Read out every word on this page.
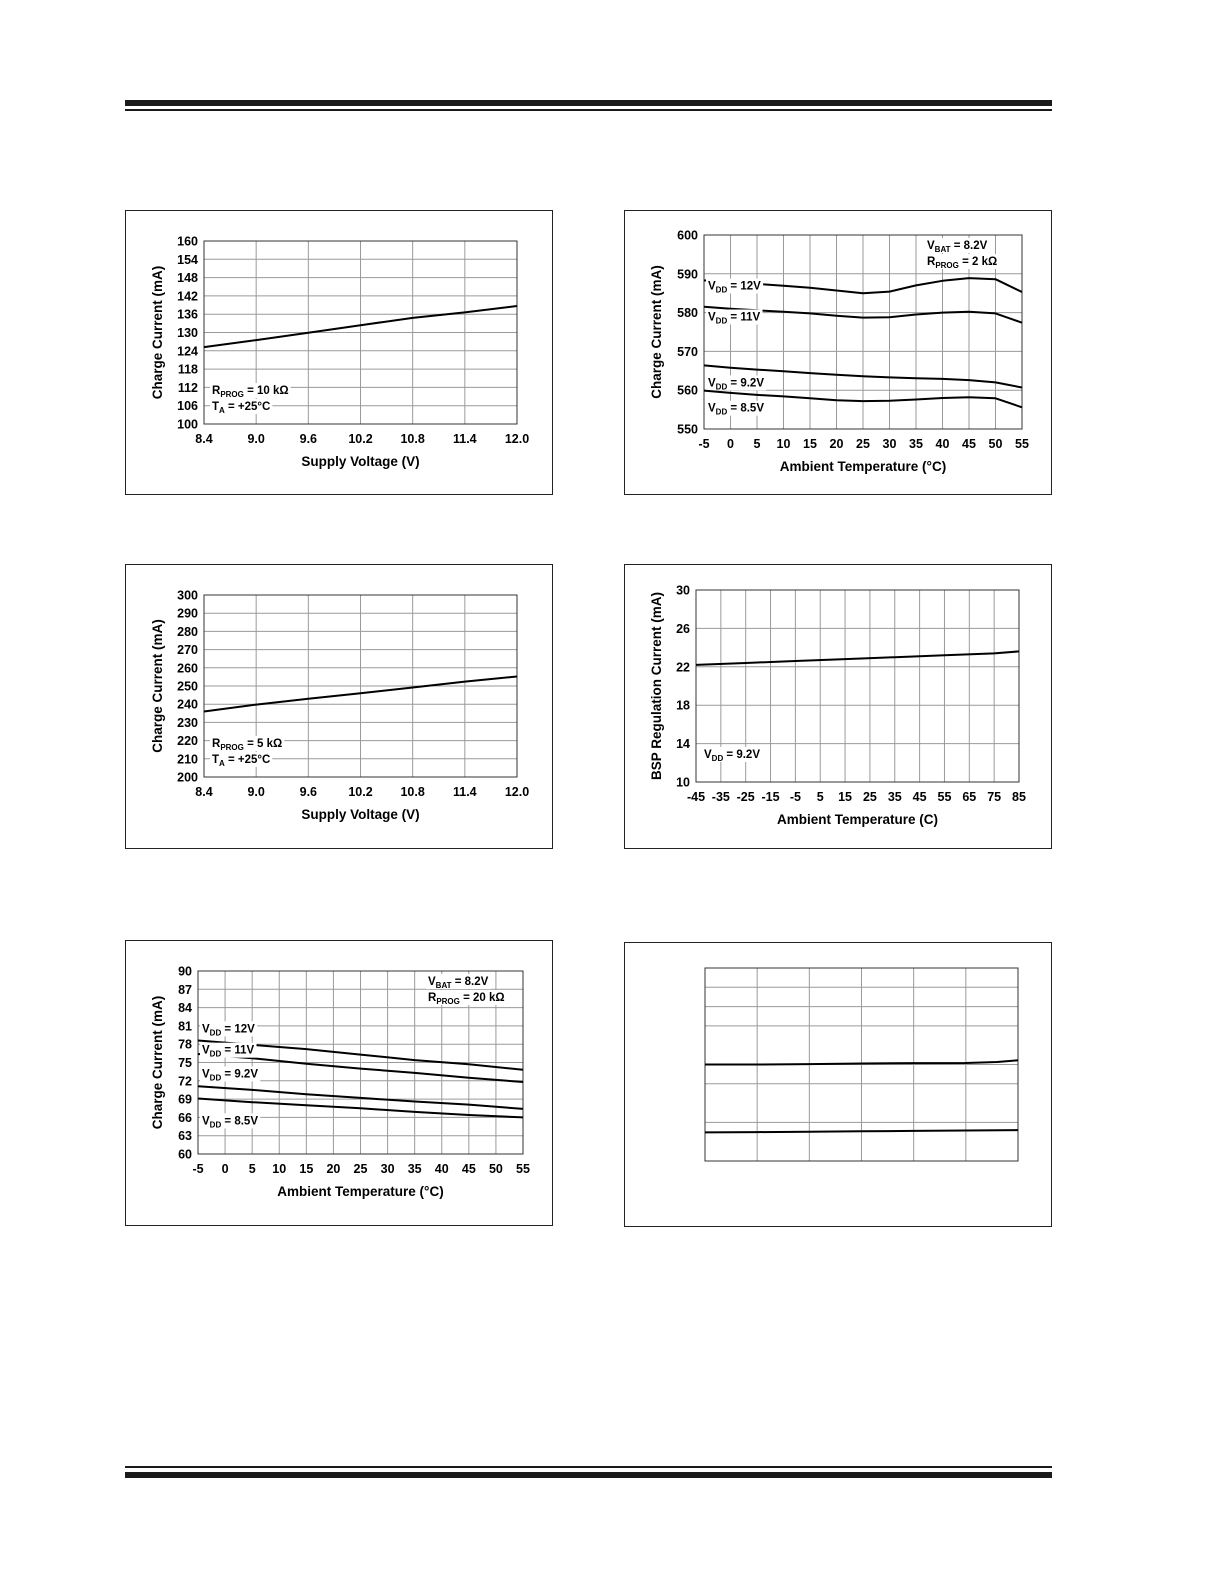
100
106
112
118
124
130
136
142
148
154
160
8.4	9.0	9.6	10.2 10.8 11.4 12.0
Supply Voltage (V)
Charge Current (mA)	$R_{PROG} = 10$ kΩ
$T_A = +25^\circ C$
550
560
570
580
590
600
-5 0 5 10 15 20 25 30 35 40 45 50 55
Ambient Temperature (°C)
Charge Current (mA)	$V_{DD} = 12V$
$V_{DD} = 11V$
$V_{DD} = 9.2V$
$V_{DD} = 8.5V$
$V_{BAT} = 8.2V$
$R_{PROG} = 2$ kΩ
200
210
220
230
240
250
260
270
280
290
300
8.4	9.0	9.6	10.2 10.8 11.4 12.0
Supply Voltage (V)
Charge Current (mA)	$R_{PROG} = 5$ kΩ
$T_A = +25^\circ C$
10
14
18
22
26
30
-45 -35 -25 -15 -5 5 15 25 35 45 55 65 75 85
Ambient Temperature (C)
BSP Regulation Current (mA)	$V_{DD} = 9.2V$
60
63
66
69
72
75
78
81
84
87
90
-5 0 5 10 15 20 25 30 35 40 45 50 55
Ambient Temperature (°C)
Charge Current (mA)	$V_{DD} = 12V$
$V_{DD} = 11V$
$V_{DD} = 9.2V$
$V_{DD} = 8.5V$
$V_{BAT} = 8.2V$
$R_{PROG} = 20$ kΩ
